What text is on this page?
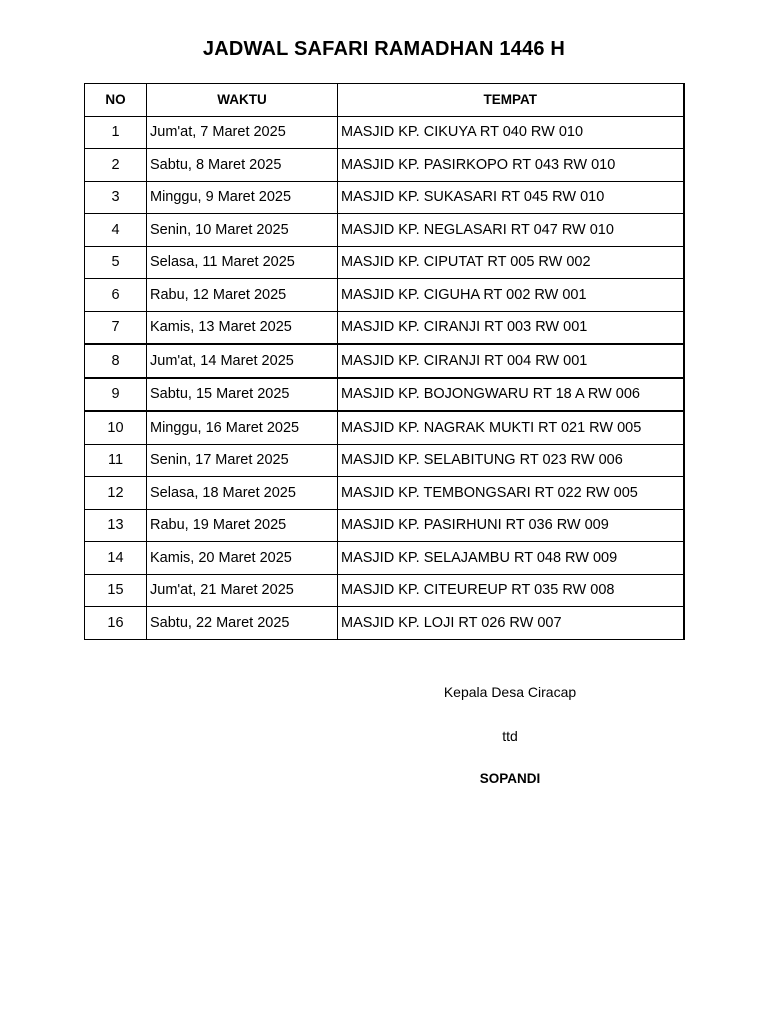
JADWAL SAFARI RAMADHAN 1446 H
NO	WAKTU	TEMPAT
1	Jum'at, 7 Maret 2025	MASJID KP. CIKUYA RT 040 RW 010
2	Sabtu, 8 Maret 2025	MASJID KP. PASIRKOPO RT 043 RW 010
3	Minggu, 9 Maret 2025	MASJID KP. SUKASARI RT 045 RW 010
4	Senin, 10 Maret 2025	MASJID KP. NEGLASARI RT 047 RW 010
5	Selasa, 11 Maret 2025	MASJID KP. CIPUTAT RT 005 RW 002
6	Rabu, 12 Maret 2025	MASJID KP. CIGUHA RT 002 RW 001
7	Kamis, 13 Maret 2025	MASJID KP. CIRANJI RT 003 RW 001
8	Jum'at, 14 Maret 2025	MASJID KP. CIRANJI RT 004 RW 001
9	Sabtu, 15 Maret 2025	MASJID KP. BOJONGWARU RT 18 A RW 006
10	Minggu, 16 Maret 2025	MASJID KP. NAGRAK MUKTI RT 021 RW 005
11	Senin, 17 Maret 2025	MASJID KP. SELABITUNG RT 023 RW 006
12	Selasa, 18 Maret 2025	MASJID KP. TEMBONGSARI RT 022 RW 005
13	Rabu, 19 Maret 2025	MASJID KP. PASIRHUNI RT 036 RW 009
14	Kamis, 20 Maret 2025	MASJID KP. SELAJAMBU RT 048 RW 009
15	Jum'at, 21 Maret 2025	MASJID KP. CITEUREUP RT 035 RW 008
16	Sabtu, 22 Maret 2025	MASJID KP. LOJI RT 026 RW 007
Kepala Desa Ciracap
ttd
SOPANDI
